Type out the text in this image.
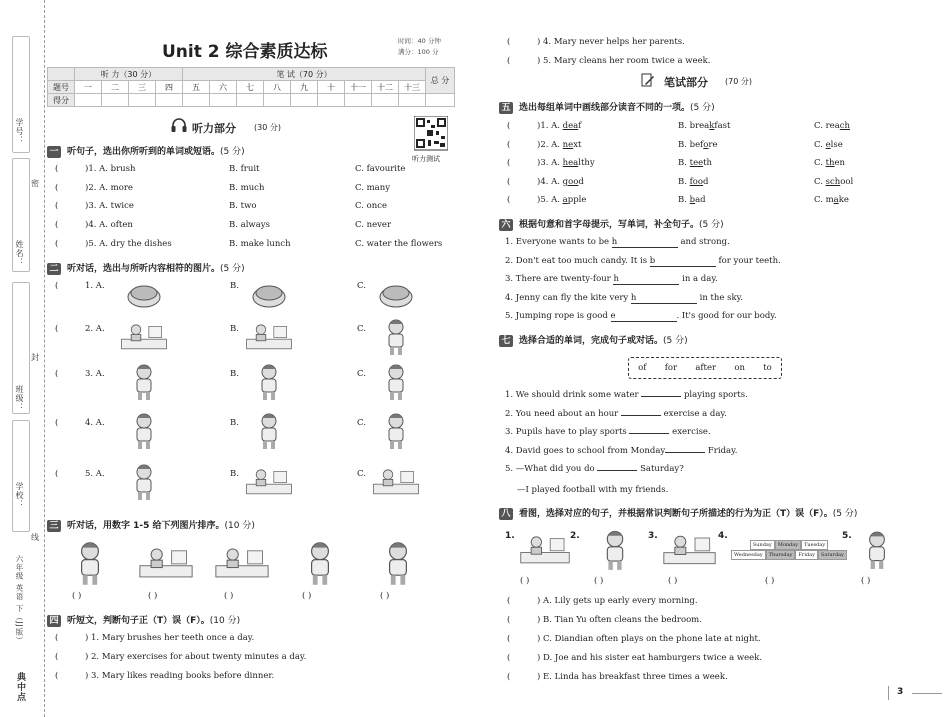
学号：
姓名：
班级：
学校：
密
封
线
六年级 英语 下（JJ版）
典中点
Unit 2 综合素质达标
时间：40 分钟
满分：100 分
	听 力（30 分）				笔 试（70 分）									总 分
题号	一	二	三	四	五	六	七	八	九	十	十一	十二	十三	
得分														
听力测试
听力部分 (30 分)
一 听句子，选出你所听到的单词或短语。(5 分)
(	)1. A. brush	B. fruit	C. favourite
(	)2. A. more	B. much	C. many
(	)3. A. twice	B. two	C. once
(	)4. A. often	B. always	C. never
(	)5. A. dry the dishes	B. make lunch	C. water the flowers
二 听对话，选出与所听内容相符的图片。(5 分)
(	1. A.	B.	C.
(	2. A.	B.	C.
(	3. A.	B.	C.
(	4. A.	B.	C.
(	5. A.	B.	C.
三 听对话，用数字 1-5 给下列图片排序。(10 分)
( )	( )	( )	( )	( )
四 听短文，判断句子正（T）误（F）。(10 分)
(	) 1. Mary brushes her teeth once a day.
(	) 2. Mary exercises for about twenty minutes a day.
(	) 3. Mary likes reading books before dinner.
(	) 4. Mary never helps her parents.
(	) 5. Mary cleans her room twice a week.
笔试部分 (70 分)
五 选出每组单词中画线部分读音不同的一项。(5 分)
(	)1. A. deaf	B. breakfast	C. reach
(	)2. A. next	B. before	C. else
(	)3. A. healthy	B. teeth	C. then
(	)4. A. good	B. food	C. school
(	)5. A. apple	B. bad	C. make
六 根据句意和首字母提示，写单词，补全句子。(5 分)
1. Everyone wants to be h	and strong.
2. Don't eat too much candy. It is b	for your teeth.
3. There are twenty-four h	in a day.
4. Jenny can fly the kite very h	in the sky.
5. Jumping rope is good e	. It's good for our body.
七 选择合适的单词，完成句子或对话。(5 分)
of for after on to
1. We should drink some water	playing sports.
2. You need about an hour	exercise a day.
3. Pupils have to play sports	exercise.
4. David goes to school from Monday	Friday.
5. —What did you do	Saturday?
—I played football with my friends.
八 看图，选择对应的句子，并根据常识判断句子所描述的行为为正（T）误（F）。(5 分)
1.
( )
2.
( )
3.
( )
4.
Sunday	Monday	Tuesday
Wednesday	Thursday	Friday	Saturday
( )
5.
( )
(	) A. Lily gets up early every morning.
(	) B. Tian Yu often cleans the bedroom.
(	) C. Diandian often plays on the phone late at night.
(	) D. Joe and his sister eat hamburgers twice a week.
(	) E. Linda has breakfast three times a week.
3
